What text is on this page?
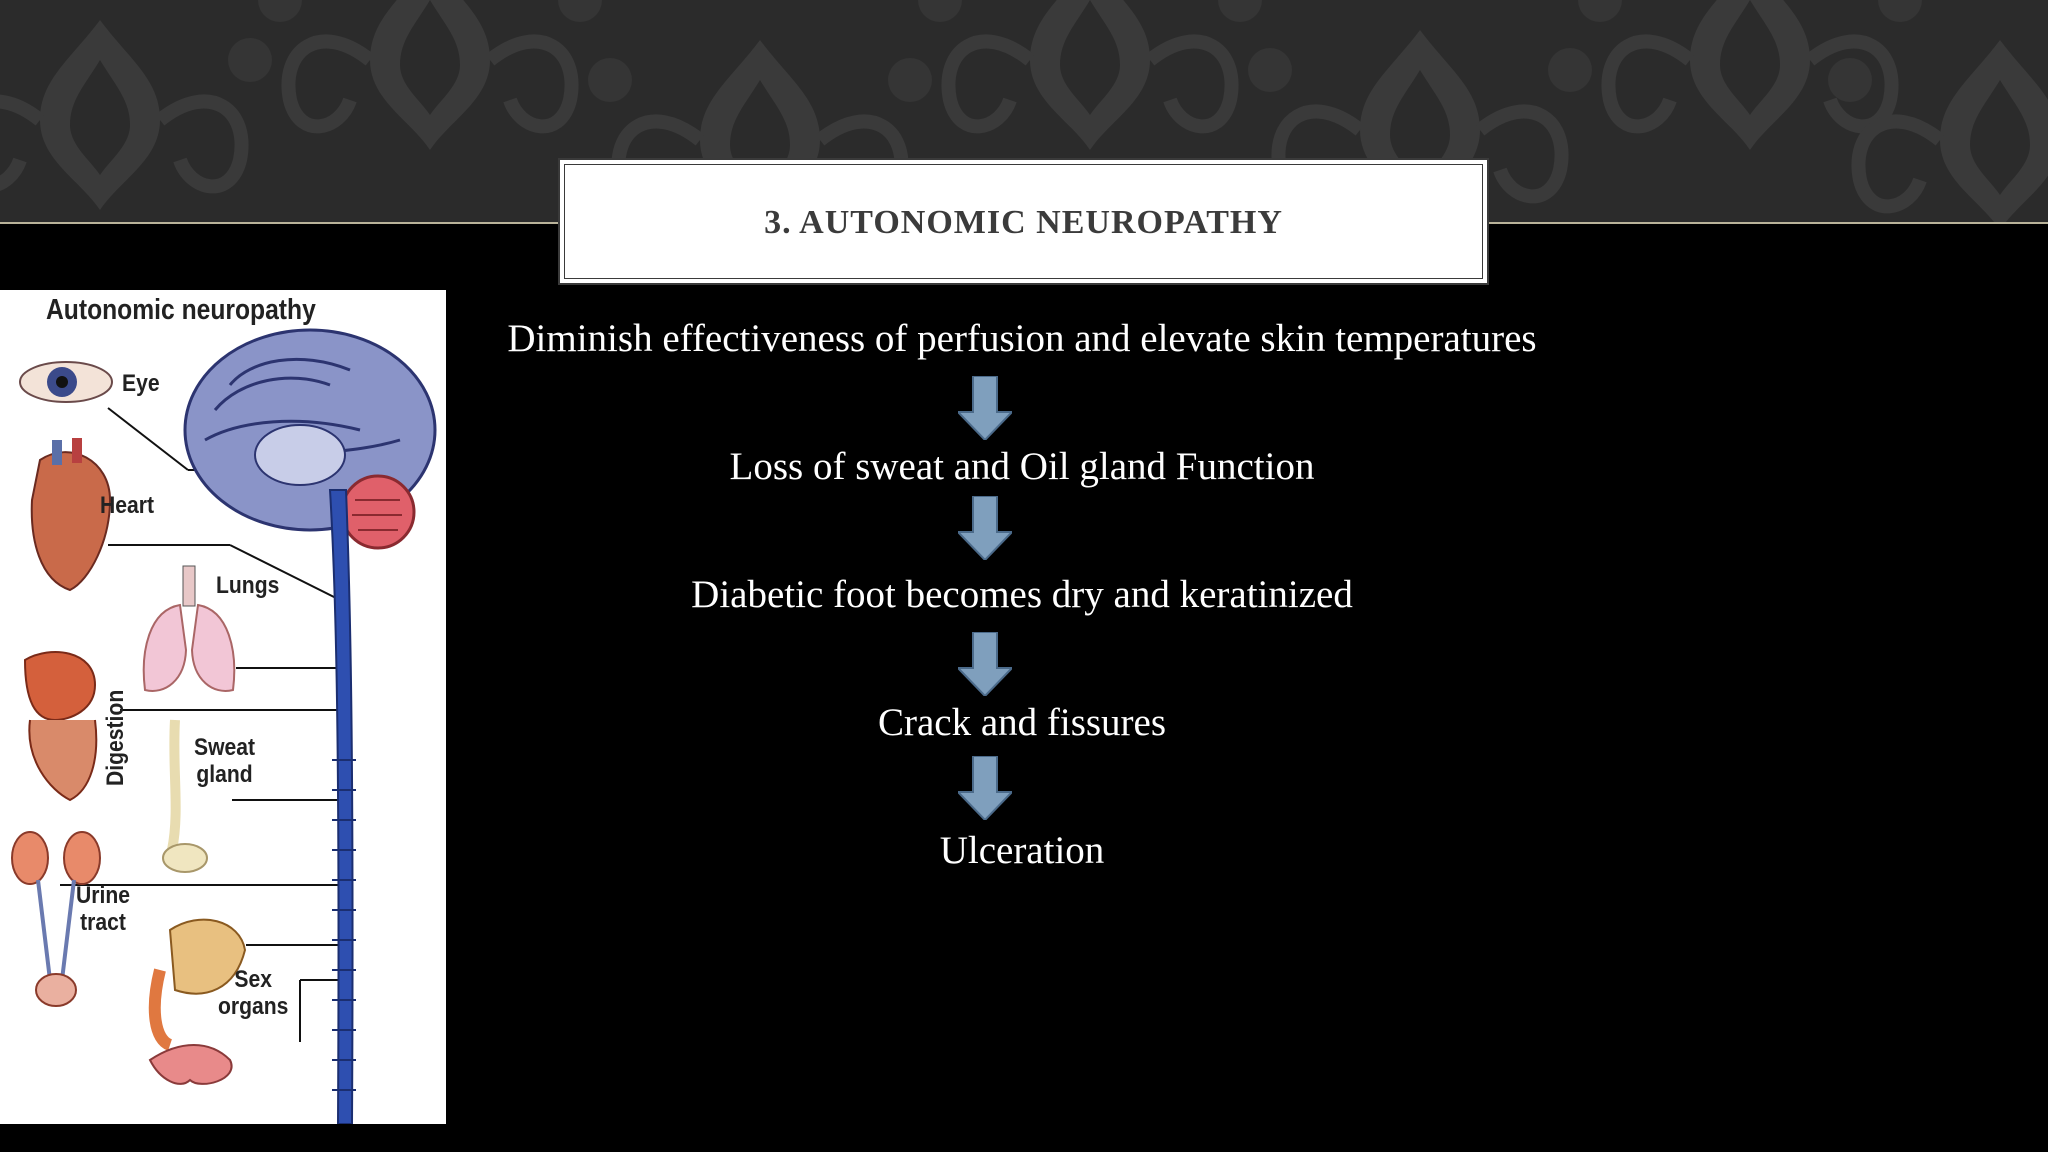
3. AUTONOMIC NEUROPATHY
Autonomic neuropathy
Eye
Heart
Lungs
Digestion	Sweat
gland
Urine
tract
Sex
organs
Diminish effectiveness of perfusion and elevate skin temperatures
Loss of sweat and Oil gland Function
Diabetic foot becomes dry and keratinized
Crack and fissures
Ulceration
